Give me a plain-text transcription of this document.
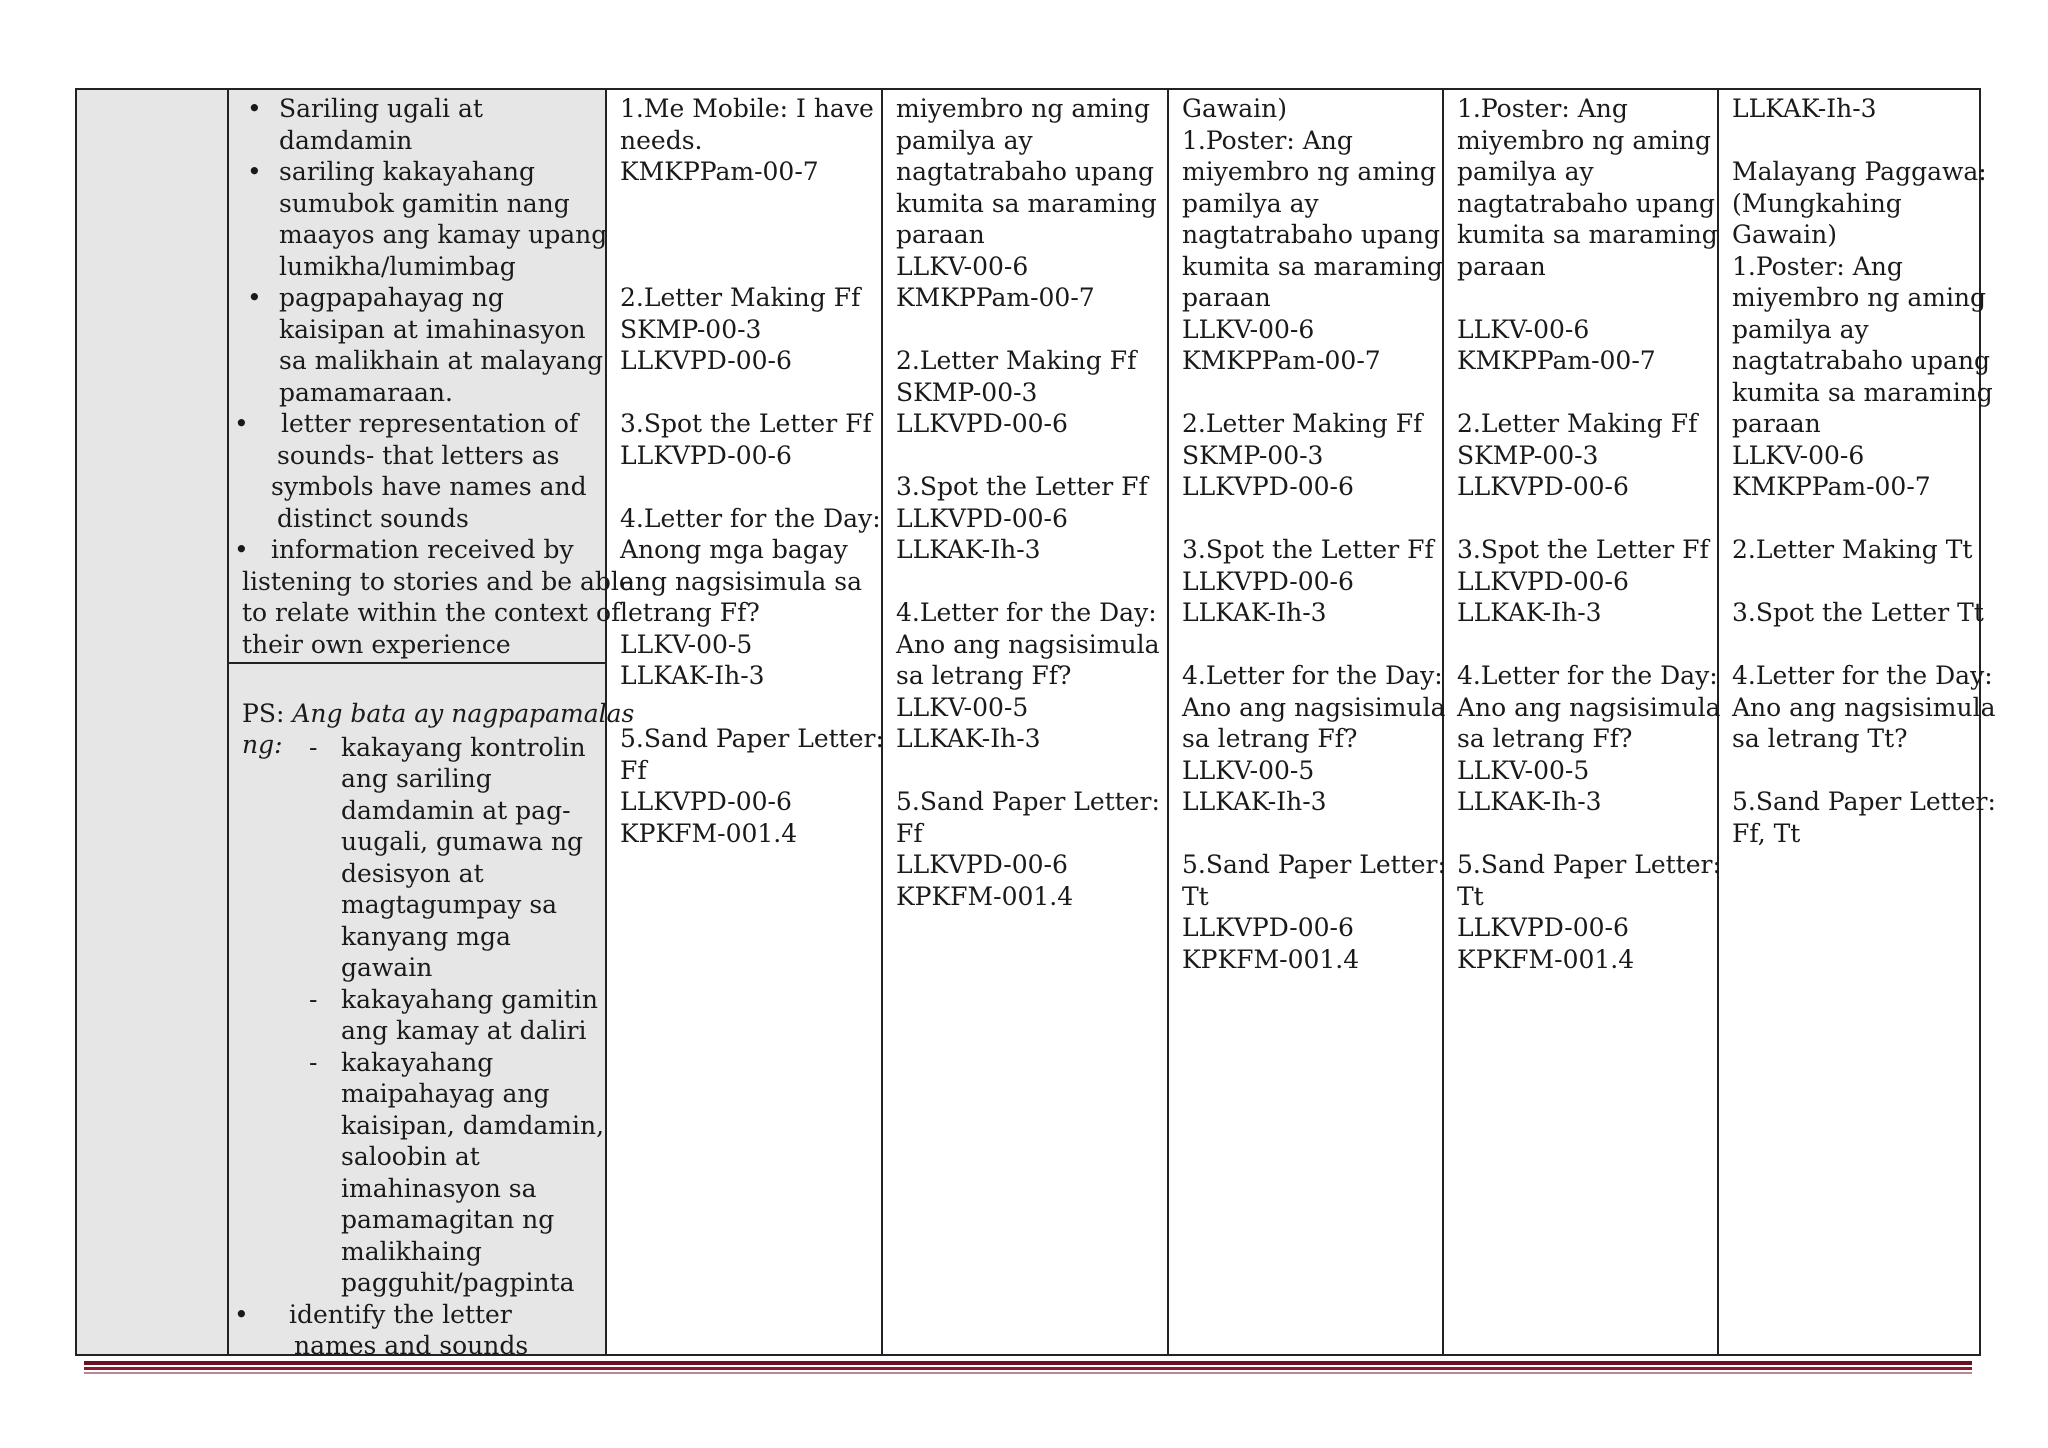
• Sariling ugali at
damdamin
• sariling kakayahang
sumubok gamitin nang
maayos ang kamay upang
lumikha/lumimbag
• pagpapahayag ng
kaisipan at imahinasyon
sa malikhain at malayang
pamamaraan.
• letter representation of
sounds- that letters as
symbols have names and
distinct sounds
• information received by
listening to stories and be able
to relate within the context of
their own experience

PS: Ang bata ay nagpapamalas

ng:

- kakayang kontrolin
ang sariling
damdamin at pag-
uugali, gumawa ng
desisyon at
magtagumpay sa
kanyang mga
gawain
- kakayahang gamitin
ang kamay at daliri
- kakayahang
maipahayag ang
kaisipan, damdamin,
saloobin at
imahinasyon sa
pamamagitan ng
malikhaing
pagguhit/pagpinta
• identify the letter
names and sounds
1.Me Mobile: I have
needs.
KMKPPam-00-7

2.Letter Making Ff
SKMP-00-3
LLKVPD-00-6

3.Spot the Letter Ff
LLKVPD-00-6

4.Letter for the Day:
Anong mga bagay
ang nagsisimula sa
letrang Ff?
LLKV-00-5
LLKAK-Ih-3

5.Sand Paper Letter:
Ff
LLKVPD-00-6
KPKFM-001.4
miyembro ng aming
pamilya ay
nagtatrabaho upang
kumita sa maraming
paraan
LLKV-00-6
KMKPPam-00-7

2.Letter Making Ff
SKMP-00-3
LLKVPD-00-6

3.Spot the Letter Ff
LLKVPD-00-6
LLKAK-Ih-3

4.Letter for the Day:
Ano ang nagsisimula
sa letrang Ff?
LLKV-00-5
LLKAK-Ih-3

5.Sand Paper Letter:
Ff
LLKVPD-00-6
KPKFM-001.4
Gawain)
1.Poster: Ang
miyembro ng aming
pamilya ay
nagtatrabaho upang
kumita sa maraming
paraan
LLKV-00-6
KMKPPam-00-7

2.Letter Making Ff
SKMP-00-3
LLKVPD-00-6

3.Spot the Letter Ff
LLKVPD-00-6
LLKAK-Ih-3

4.Letter for the Day:
Ano ang nagsisimula
sa letrang Ff?
LLKV-00-5
LLKAK-Ih-3

5.Sand Paper Letter:
Tt
LLKVPD-00-6
KPKFM-001.4
1.Poster: Ang
miyembro ng aming
pamilya ay
nagtatrabaho upang
kumita sa maraming
paraan

LLKV-00-6
KMKPPam-00-7

2.Letter Making Ff
SKMP-00-3
LLKVPD-00-6

3.Spot the Letter Ff
LLKVPD-00-6
LLKAK-Ih-3

4.Letter for the Day:
Ano ang nagsisimula
sa letrang Ff?
LLKV-00-5
LLKAK-Ih-3

5.Sand Paper Letter:
Tt
LLKVPD-00-6
KPKFM-001.4
LLKAK-Ih-3

Malayang Paggawa:
(Mungkahing
Gawain)
1.Poster: Ang
miyembro ng aming
pamilya ay
nagtatrabaho upang
kumita sa maraming
paraan
LLKV-00-6
KMKPPam-00-7

2.Letter Making Tt

3.Spot the Letter Tt

4.Letter for the Day:
Ano ang nagsisimula
sa letrang Tt?

5.Sand Paper Letter:
Ff, Tt
